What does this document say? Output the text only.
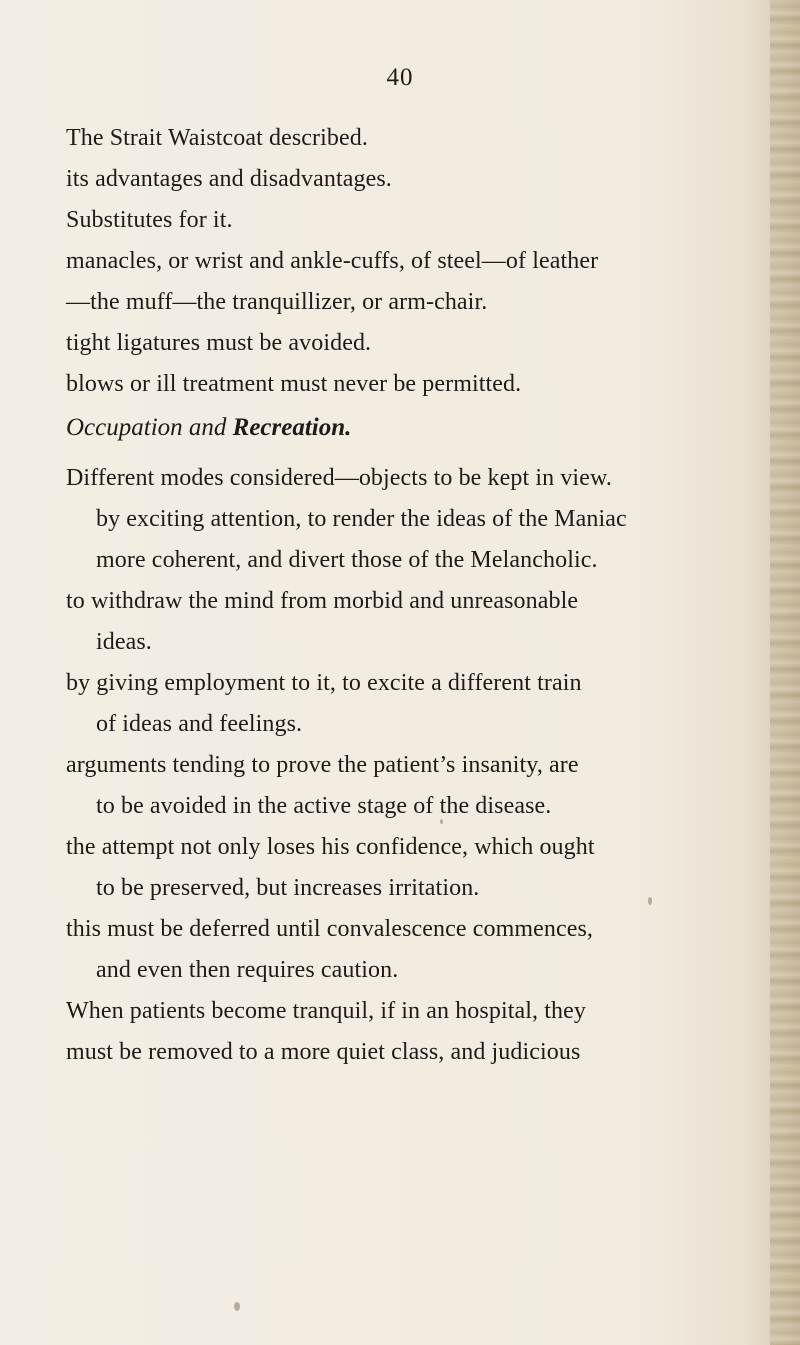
40
The Strait Waistcoat described.
its advantages and disadvantages.
Substitutes for it.
manacles, or wrist and ankle-cuffs, of steel—of leather
—the muff—the tranquillizer, or arm-chair.
tight ligatures must be avoided.
blows or ill treatment must never be permitted.
Occupation and Recreation.
Different modes considered—objects to be kept in view.
by exciting attention, to render the ideas of the Maniac
more coherent, and divert those of the Melancholic.
to withdraw the mind from morbid and unreasonable
ideas.
by giving employment to it, to excite a different train
of ideas and feelings.
arguments tending to prove the patient’s insanity, are
to be avoided in the active stage of the disease.
the attempt not only loses his confidence, which ought
to be preserved, but increases irritation.
this must be deferred until convalescence commences,
and even then requires caution.
When patients become tranquil, if in an hospital, they
must be removed to a more quiet class, and judicious
